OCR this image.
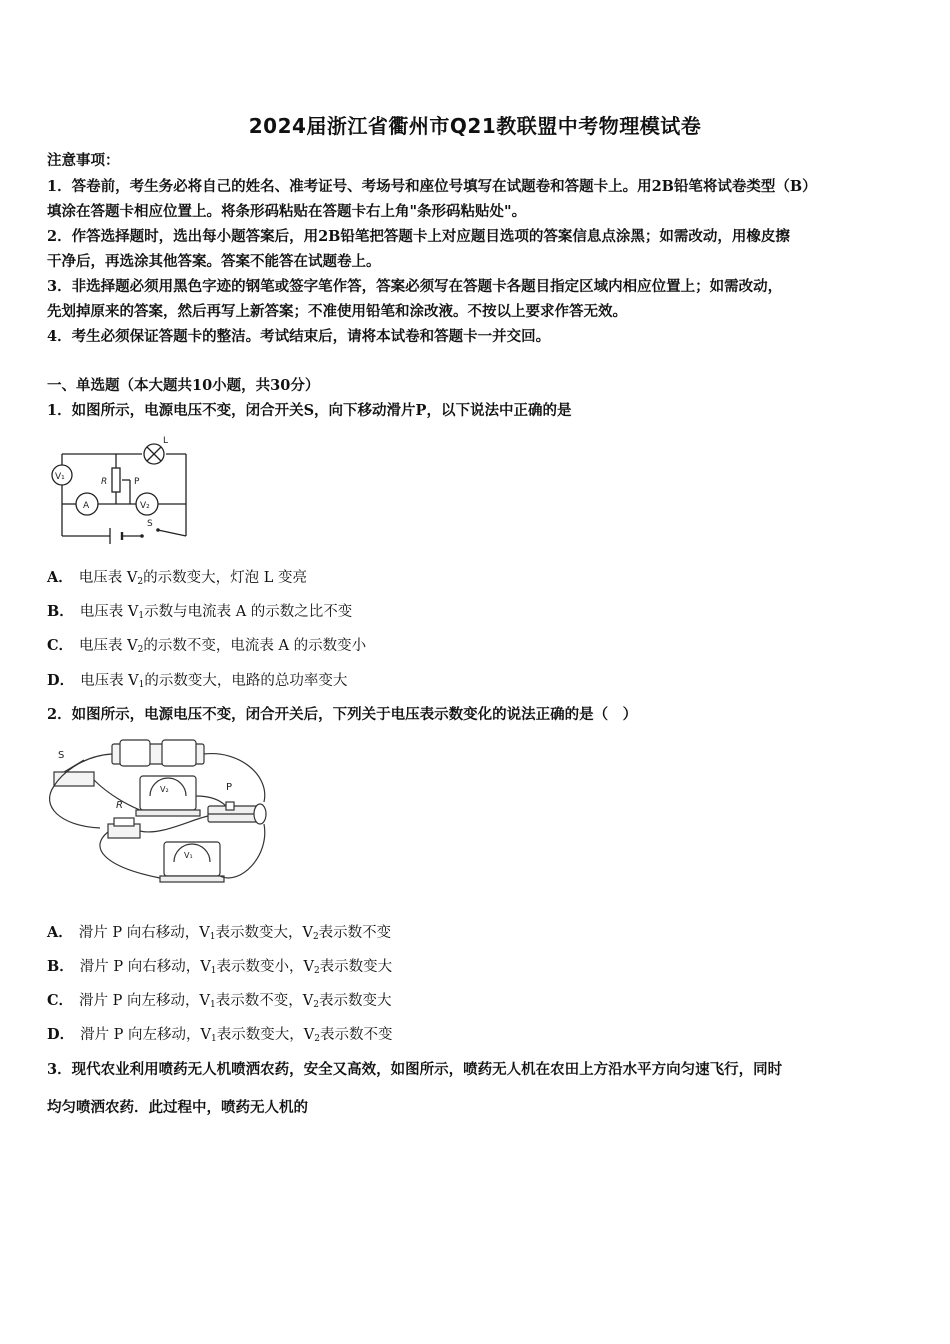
2024届浙江省衢州市Q21教联盟中考物理模试卷
注意事项：
1．答卷前，考生务必将自己的姓名、准考证号、考场号和座位号填写在试题卷和答题卡上。用2B铅笔将试卷类型（B）
填涂在答题卡相应位置上。将条形码粘贴在答题卡右上角"条形码粘贴处"。
2．作答选择题时，选出每小题答案后，用2B铅笔把答题卡上对应题目选项的答案信息点涂黑；如需改动，用橡皮擦
干净后，再选涂其他答案。答案不能答在试题卷上。
3．非选择题必须用黑色字迹的钢笔或签字笔作答，答案必须写在答题卡各题目指定区域内相应位置上；如需改动，
先划掉原来的答案，然后再写上新答案；不准使用铅笔和涂改液。不按以上要求作答无效。
4．考生必须保证答题卡的整洁。考试结束后，请将本试卷和答题卡一并交回。
一、单选题（本大题共10小题，共30分）
1．如图所示，电源电压不变，闭合开关S，向下移动滑片P，以下说法中正确的是
L
V₁	R	P
A	V₂
S
A． 电压表 $V_2$的示数变大，灯泡 L 变亮
B． 电压表 $V_1$示数与电流表 A 的示数之比不变
C． 电压表 $V_2$的示数不变，电流表 A 的示数变小
D． 电压表 $V_1$的示数变大，电路的总功率变大
2．如图所示，电源电压不变，闭合开关后，下列关于电压表示数变化的说法正确的是（　）
S
R
P
V₂
V₁
A． 滑片 P 向右移动，$V_1$表示数变大，$V_2$表示数不变
B． 滑片 P 向右移动，$V_1$表示数变小，$V_2$表示数变大
C． 滑片 P 向左移动，$V_1$表示数不变，$V_2$表示数变大
D． 滑片 P 向左移动，$V_1$表示数变大，$V_2$表示数不变
3．现代农业利用喷药无人机喷洒农药，安全又高效，如图所示，喷药无人机在农田上方沿水平方向匀速飞行，同时
均匀喷洒农药．此过程中，喷药无人机的
